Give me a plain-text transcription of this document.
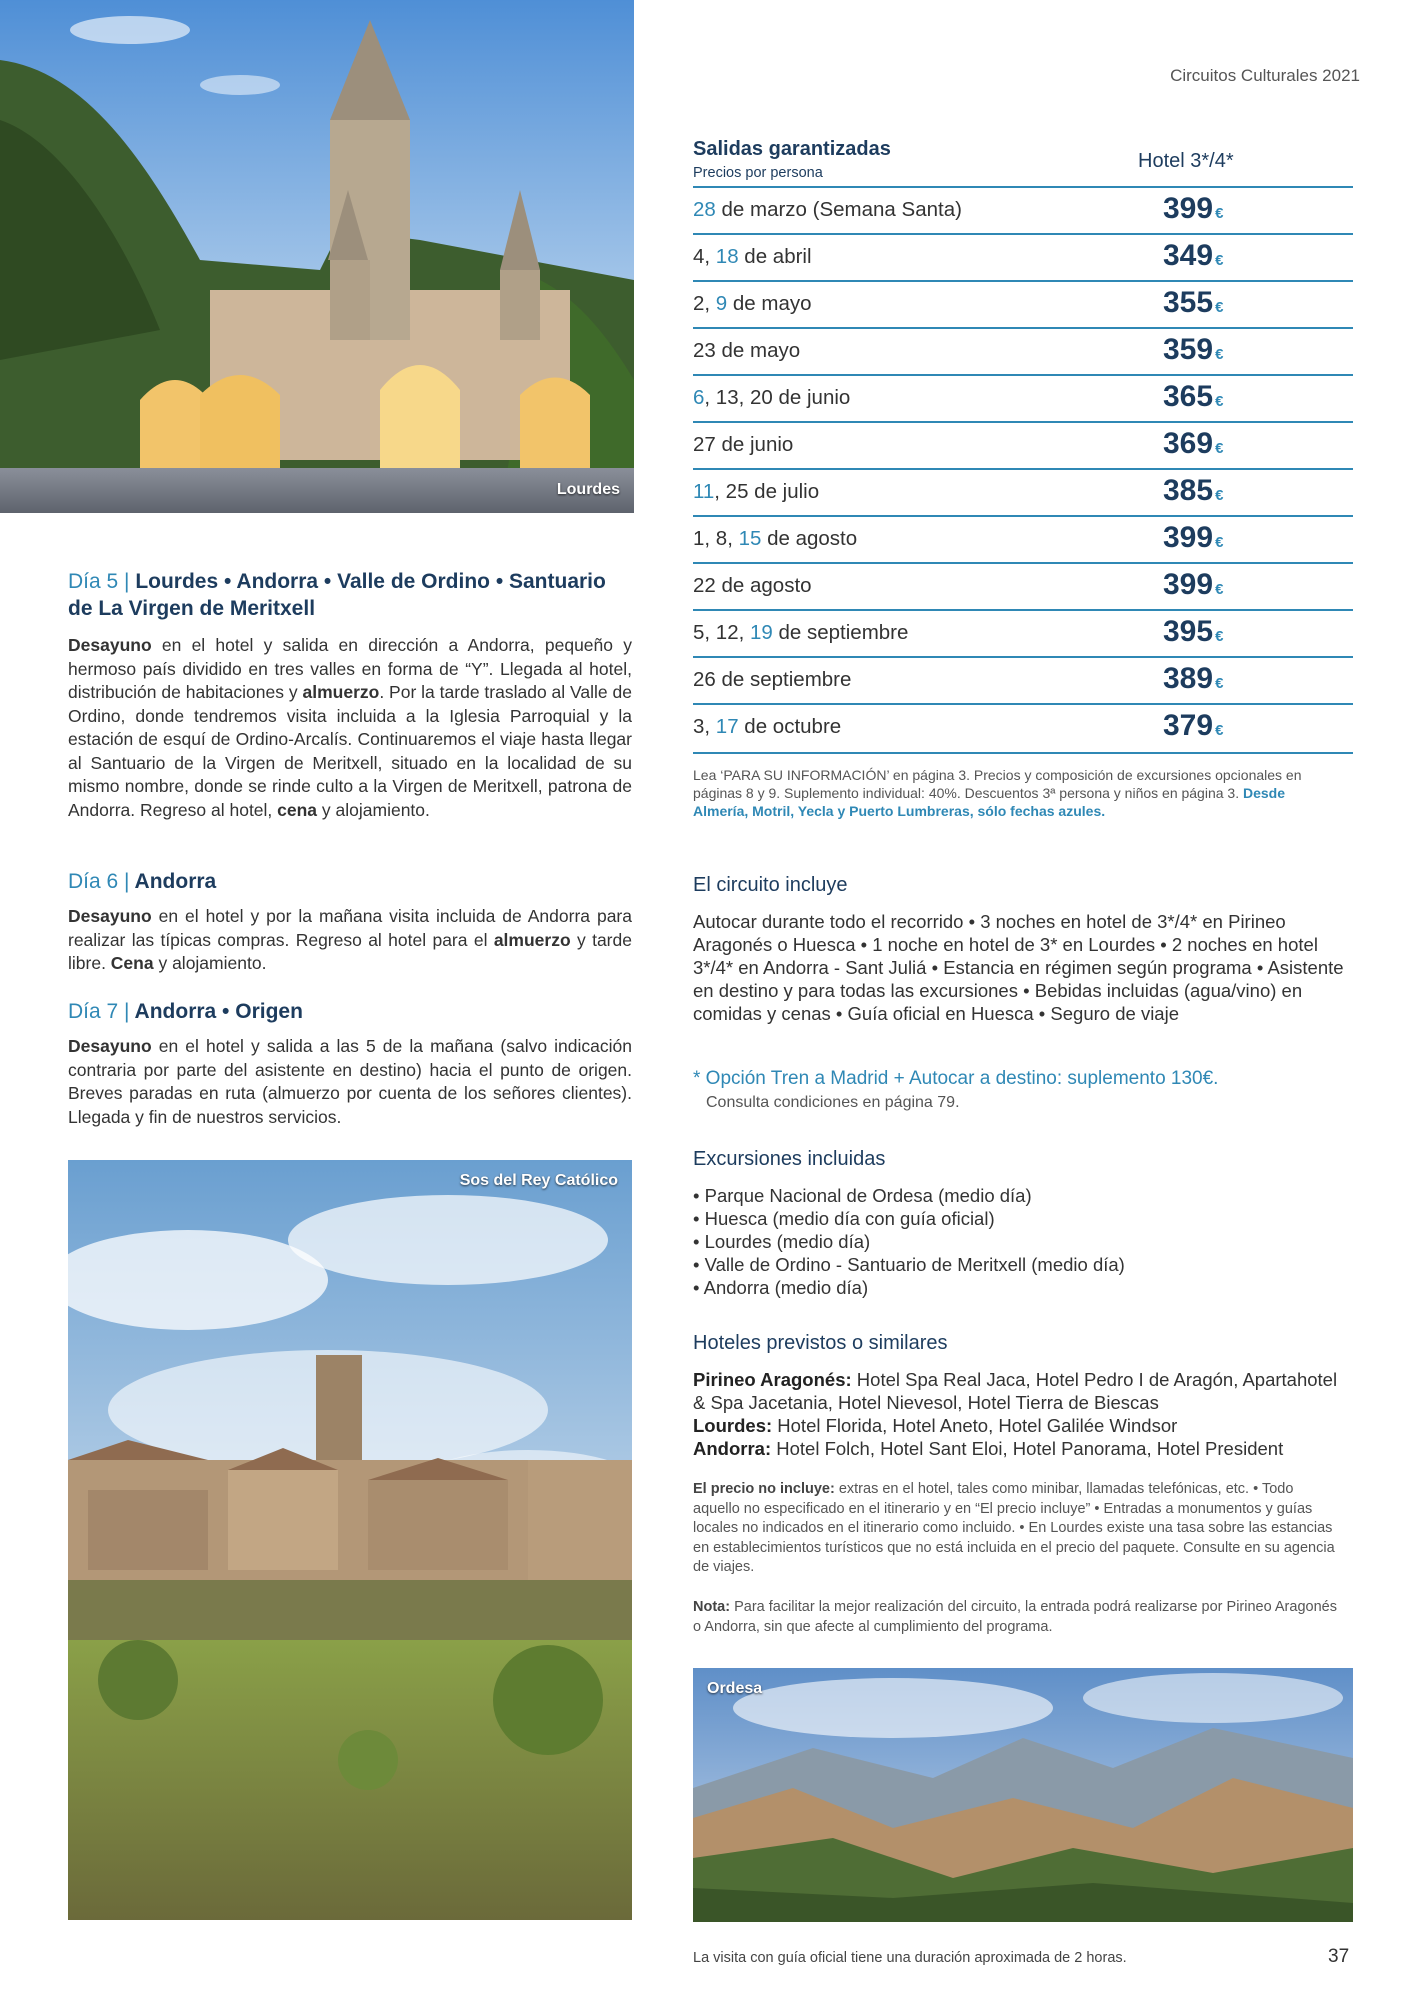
Circuitos Culturales 2021
Lourdes
Día 5 | Lourdes • Andorra • Valle de Ordino • Santuario de La Virgen de Meritxell
Desayuno en el hotel y salida en dirección a Andorra, pequeño y hermoso país dividido en tres valles en forma de “Y”. Llegada al hotel, distribución de habitaciones y almuerzo. Por la tarde traslado al Valle de Ordino, donde tendremos visita incluida a la Iglesia Parroquial y la estación de esquí de Ordino-Arcalís. Continuaremos el viaje hasta llegar al Santuario de la Virgen de Meritxell, situado en la localidad de su mismo nombre, donde se rinde culto a la Virgen de Meritxell, patrona de Andorra. Regreso al hotel, cena y alojamiento.
Día 6 | Andorra
Desayuno en el hotel y por la mañana visita incluida de Andorra para realizar las típicas compras. Regreso al hotel para el almuerzo y tarde libre. Cena y alojamiento.
Día 7 | Andorra • Origen
Desayuno en el hotel y salida a las 5 de la mañana (salvo indicación contraria por parte del asistente en destino) hacia el punto de origen. Breves paradas en ruta (almuerzo por cuenta de los señores clientes). Llegada y fin de nuestros servicios.
Sos del Rey Católico
Salidas garantizadas
Precios por persona
Hotel 3*/4*
28 de marzo (Semana Santa)	399 €
4, 18 de abril	349 €
2, 9 de mayo	355 €
23 de mayo	359 €
6, 13, 20 de junio	365 €
27 de junio	369 €
11, 25 de julio	385 €
1, 8, 15 de agosto	399 €
22 de agosto	399 €
5, 12, 19 de septiembre	395 €
26 de septiembre	389 €
3, 17 de octubre	379 €
Lea ‘PARA SU INFORMACIÓN’ en página 3. Precios y composición de excursiones opcionales en páginas 8 y 9. Suplemento individual: 40%. Descuentos 3ª persona y niños en página 3. Desde Almería, Motril, Yecla y Puerto Lumbreras, sólo fechas azules.
El circuito incluye
Autocar durante todo el recorrido • 3 noches en hotel de 3*/4* en Pirineo Aragonés o Huesca • 1 noche en hotel de 3* en Lourdes • 2 noches en hotel 3*/4* en Andorra - Sant Juliá • Estancia en régimen según programa • Asistente en destino y para todas las excursiones • Bebidas incluidas (agua/vino) en comidas y cenas • Guía oficial en Huesca • Seguro de viaje
* Opción Tren a Madrid + Autocar a destino: suplemento 130€.
Consulta condiciones en página 79.
Excursiones incluidas
• Parque Nacional de Ordesa (medio día)
• Huesca (medio día con guía oficial)
• Lourdes (medio día)
• Valle de Ordino - Santuario de Meritxell (medio día)
• Andorra (medio día)
Hoteles previstos o similares
Pirineo Aragonés: Hotel Spa Real Jaca, Hotel Pedro I de Aragón, Apartahotel & Spa Jacetania, Hotel Nievesol, Hotel Tierra de Biescas
Lourdes: Hotel Florida, Hotel Aneto, Hotel Galilée Windsor
Andorra: Hotel Folch, Hotel Sant Eloi, Hotel Panorama, Hotel President
El precio no incluye: extras en el hotel, tales como minibar, llamadas telefónicas, etc. • Todo aquello no especificado en el itinerario y en “El precio incluye” • Entradas a monumentos y guías locales no indicados en el itinerario como incluido. • En Lourdes existe una tasa sobre las estancias en establecimientos turísticos que no está incluida en el precio del paquete. Consulte en su agencia de viajes.
Nota: Para facilitar la mejor realización del circuito, la entrada podrá realizarse por Pirineo Aragonés o Andorra, sin que afecte al cumplimiento del programa.
Ordesa
La visita con guía oficial tiene una duración aproximada de 2 horas.	37
